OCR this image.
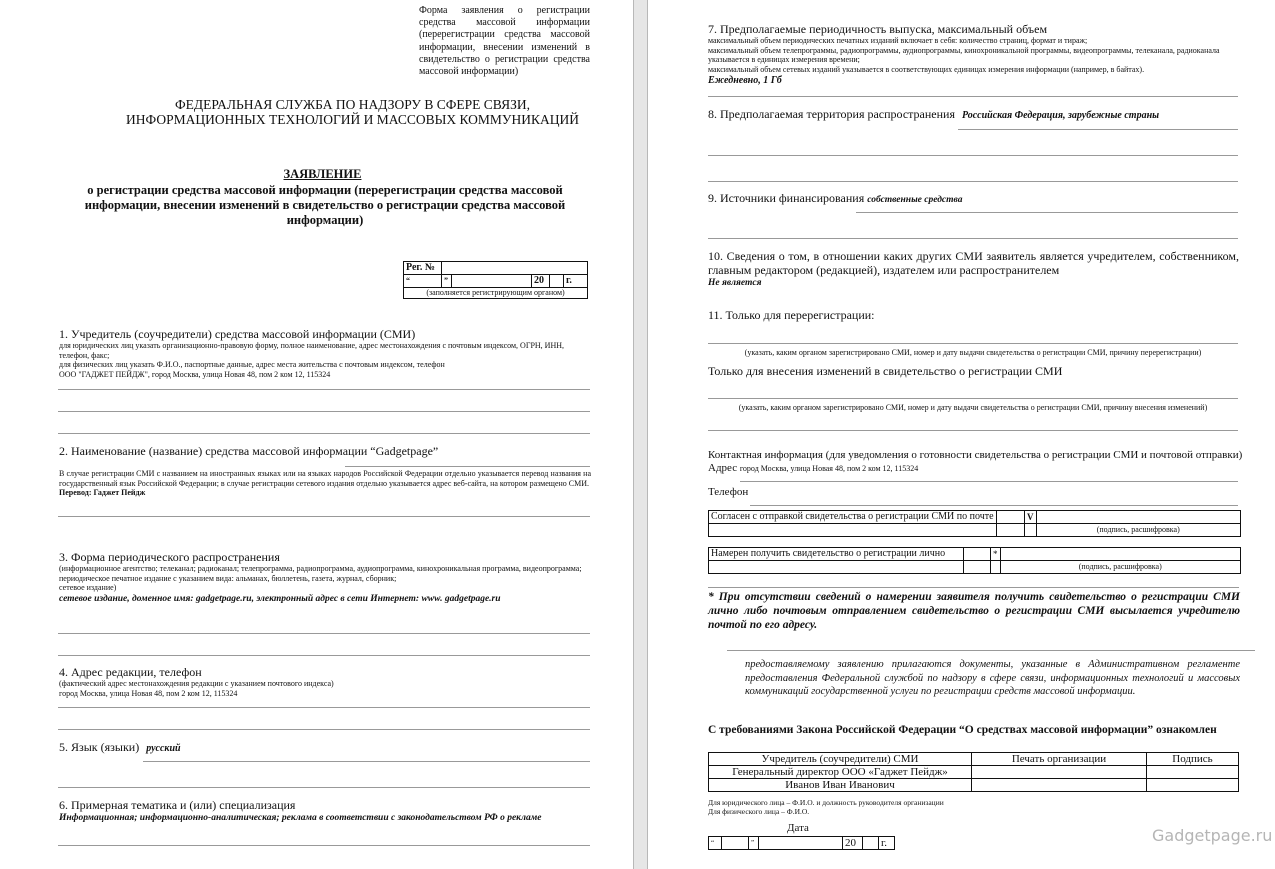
Форма заявления о регистрации средства массовой информации (перерегистрации средства массовой информации, внесении изменений в свидетельство о регистрации средства массовой информации)
ФЕДЕРАЛЬНАЯ СЛУЖБА ПО НАДЗОРУ В СФЕРЕ СВЯЗИ,
ИНФОРМАЦИОННЫХ ТЕХНОЛОГИЙ И МАССОВЫХ КОММУНИКАЦИЙ
ЗАЯВЛЕНИЕ
о регистрации средства массовой информации (перерегистрации средства массовой информации, внесении изменений в свидетельство о регистрации средства массовой информации)
Рег. №					
“	”		20		г.
(заполняется регистрирующим органом)					
1. Учредитель (соучредители) средства массовой информации (СМИ)
для юридических лиц указать организационно-правовую форму, полное наименование, адрес местонахождения с почтовым индексом, ОГРН, ИНН, телефон, факс;
для физических лиц указать Ф.И.О., паспортные данные, адрес места жительства с почтовым индексом, телефон
ООО "ГАДЖЕТ ПЕЙДЖ", город Москва, улица Новая 48, пом 2 ком 12, 115324
2. Наименование (название) средства массовой информации “Gadgetpage”
В случае регистрации СМИ с названием на иностранных языках или на языках народов Российской Федерации отдельно указывается перевод названия на государственный язык Российской Федерации; в случае регистрации сетевого издания отдельно указывается адрес веб-сайта, на котором размещено СМИ.
Перевод: Гаджет Пейдж
3. Форма периодического распространения
(информационное агентство; телеканал; радиоканал; телепрограмма, радиопрограмма, аудиопрограмма, кинохроникальная программа, видеопрограмма;
периодическое печатное издание с указанием вида: альманах, бюллетень, газета, журнал, сборник;
сетевое издание)
сетевое издание, доменное имя: gadgetpage.ru, электронный адрес в сети Интернет: www. gadgetpage.ru
4. Адрес редакции, телефон
(фактический адрес местонахождения редакции с указанием почтового индекса)
город Москва, улица Новая 48, пом 2 ком 12, 115324
5. Язык (языки) русский
6. Примерная тематика и (или) специализация
Информационная; информационно-аналитическая; реклама в соответствии с законодательством РФ о рекламе
7. Предполагаемые периодичность выпуска, максимальный объем
максимальный объем периодических печатных изданий включает в себя: количество страниц, формат и тираж;
максимальный объем телепрограммы, радиопрограммы, аудиопрограммы, кинохроникальной программы, видеопрограммы, телеканала, радиоканала указывается в единицах измерения времени;
максимальный объем сетевых изданий указывается в соответствующих единицах измерения информации (например, в байтах).
Ежедневно, 1 Гб
8. Предполагаемая территория распространения Российская Федерация, зарубежные страны
9. Источники финансирования собственные средства
10. Сведения о том, в отношении каких других СМИ заявитель является учредителем, собственником, главным редактором (редакцией), издателем или распространителем
Не является
11. Только для перерегистрации:
(указать, каким органом зарегистрировано СМИ, номер и дату выдачи свидетельства о регистрации СМИ, причину перерегистрации)
Только для внесения изменений в свидетельство о регистрации СМИ
(указать, каким органом зарегистрировано СМИ, номер и дату выдачи свидетельства о регистрации СМИ, причину внесения изменений)
Контактная информация (для уведомления о готовности свидетельства о регистрации СМИ и почтовой отправки)
Адрес город Москва, улица Новая 48, пом 2 ком 12, 115324
Телефон
Согласен с отправкой свидетельства о регистрации СМИ по почте		V	
			(подпись, расшифровка)
Намерен получить свидетельство о регистрации лично		*	
			(подпись, расшифровка)
* При отсутствии сведений о намерении заявителя получить свидетельство о регистрации СМИ лично либо почтовым отправлением свидетельство о регистрации СМИ высылается учредителю почтой по его адресу.
предоставляемому заявлению прилагаются документы, указанные в Административном регламенте предоставления Федеральной службой по надзору в сфере связи, информационных технологий и массовых коммуникаций государственной услуги по регистрации средств массовой информации.
С требованиями Закона Российской Федерации “О средствах массовой информации” ознакомлен
Учредитель (соучредители) СМИ	Печать организации	Подпись
Генеральный директор ООО «Гаджет Пейдж»		
Иванов Иван Иванович		
Для юридического лица – Ф.И.О. и должность руководителя организации
Для физического лица – Ф.И.О.
Дата
“		”		20		г.	Gadgetpage.ru
